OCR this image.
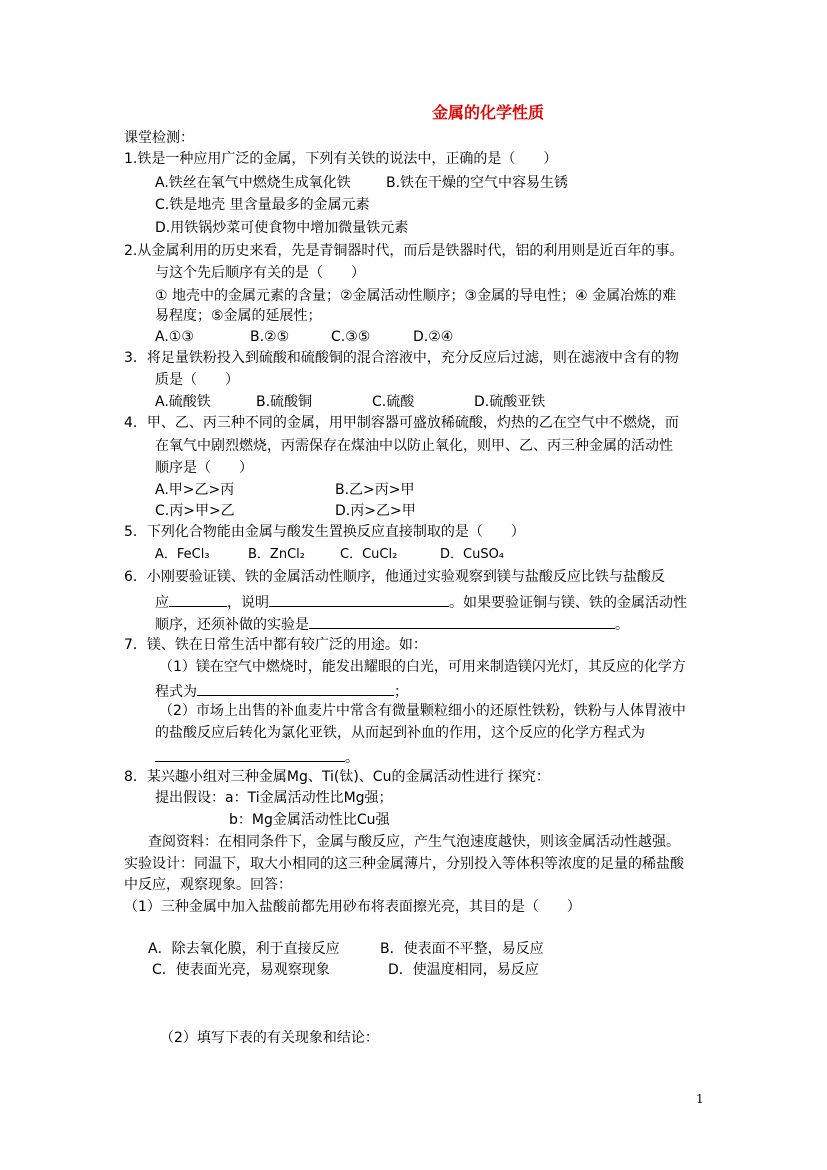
金属的化学性质
课堂检测：
1.铁是一种应用广泛的金属，下列有关铁的说法中，正确的是（　　）
A.铁丝在氧气中燃烧生成氧化铁	B.铁在干燥的空气中容易生锈
C.铁是地壳 里含量最多的金属元素
D.用铁锅炒菜可使食物中增加微量铁元素
2.从金属利用的历史来看，先是青铜器时代，而后是铁器时代，铝的利用则是近百年的事。
与这个先后顺序有关的是（　　）
① 地壳中的金属元素的含量；②金属活动性顺序；③金属的导电性；④ 金属冶炼的难
易程度；⑤金属的延展性；
A.①③	B.②⑤	C.③⑤	D.②④
3．将足量铁粉投入到硫酸和硫酸铜的混合溶液中，充分反应后过滤，则在滤液中含有的物
质是（　　）
A.硫酸铁	B.硫酸铜	C.硫酸	D.硫酸亚铁
4．甲、乙、丙三种不同的金属，用甲制容器可盛放稀硫酸，灼热的乙在空气中不燃烧，而
在氧气中剧烈燃烧，丙需保存在煤油中以防止氧化，则甲、乙、丙三种金属的活动性
顺序是（　　）
A.甲>乙>丙	B.乙>丙>甲
C.丙>甲>乙	D.丙>乙>甲
5．下列化合物能由金属与酸发生置换反应直接制取的是（　　）
A．FeCl₃	B．ZnCl₂	C．CuCl₂	D．CuSO₄
6．小刚要验证镁、铁的金属活动性顺序，他通过实验观察到镁与盐酸反应比铁与盐酸反
应	，说明	。如果要验证铜与镁、铁的金属活动性
顺序，还须补做的实验是	。
7．镁、铁在日常生活中都有较广泛的用途。如：
（1）镁在空气中燃烧时，能发出耀眼的白光，可用来制造镁闪光灯，其反应的化学方
程式为	；
（2）市场上出售的补血麦片中常含有微量颗粒细小的还原性铁粉，铁粉与人体胃液中
的盐酸反应后转化为氯化亚铁，从而起到补血的作用，这个反应的化学方程式为
。
8．某兴趣小组对三种金属Mg、Ti(钛)、Cu的金属活动性进行 探究：
提出假设：a：Ti金属活动性比Mg强；
b：Mg金属活动性比Cu强
查阅资料：在相同条件下，金属与酸反应，产生气泡速度越快，则该金属活动性越强。
实验设计：同温下，取大小相同的这三种金属薄片，分别投入等体积等浓度的足量的稀盐酸
中反应，观察现象。回答：
（1）三种金属中加入盐酸前都先用砂布将表面擦光亮，其目的是（　　）
A．除去氧化膜，利于直接反应	B．使表面不平整，易反应
C．使表面光亮，易观察现象	D．使温度相同，易反应
（2）填写下表的有关现象和结论：
1
